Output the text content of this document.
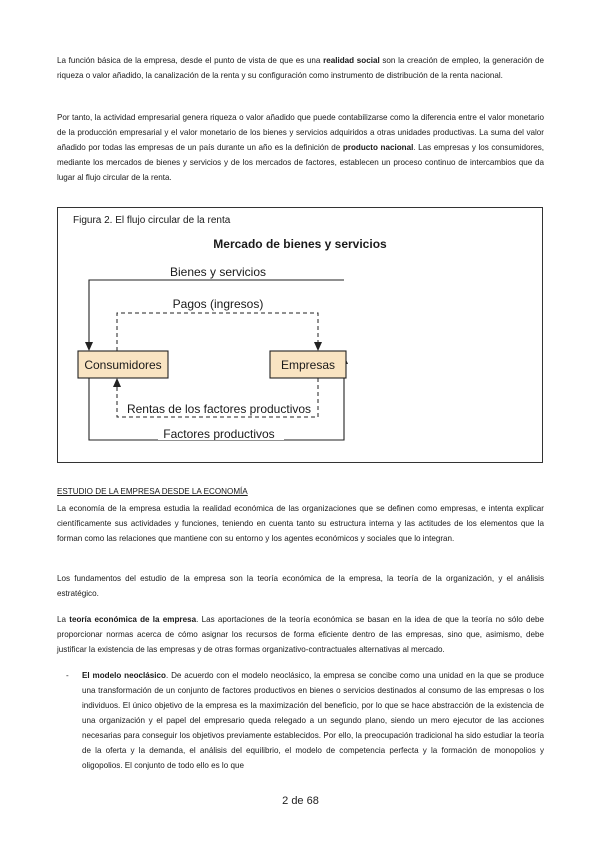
La función básica de la empresa, desde el punto de vista de que es una realidad social son la creación de empleo, la generación de riqueza o valor añadido, la canalización de la renta y su configuración como instrumento de distribución de la renta nacional.

Por tanto, la actividad empresarial genera riqueza o valor añadido que puede contabilizarse como la diferencia entre el valor monetario de la producción empresarial y el valor monetario de los bienes y servicios adquiridos a otras unidades productivas. La suma del valor añadido por todas las empresas de un país durante un año es la definición de producto nacional. Las empresas y los consumidores, mediante los mercados de bienes y servicios y de los mercados de factores, establecen un proceso continuo de intercambios que da lugar al flujo circular de la renta.

Figura 2. El flujo circular de la renta
Mercado de bienes y servicios
Bienes y servicios
Pagos (ingresos)
Consumidores	Empresas
Rentas de los factores productivos
Factores productivos
ESTUDIO DE LA EMPRESA DESDE LA ECONOMÍA

La economía de la empresa estudia la realidad económica de las organizaciones que se definen como empresas, e intenta explicar científicamente sus actividades y funciones, teniendo en cuenta tanto su estructura interna y las actitudes de los elementos que la forman como las relaciones que mantiene con su entorno y los agentes económicos y sociales que lo integran.

Los fundamentos del estudio de la empresa son la teoría económica de la empresa, la teoría de la organización, y el análisis estratégico.

La teoría económica de la empresa. Las aportaciones de la teoría económica se basan en la idea de que la teoría no sólo debe proporcionar normas acerca de cómo asignar los recursos de forma eficiente dentro de las empresas, sino que, asimismo, debe justificar la existencia de las empresas y de otras formas organizativo-contractuales alternativas al mercado.

-	El modelo neoclásico. De acuerdo con el modelo neoclásico, la empresa se concibe como una unidad en la que se produce una transformación de un conjunto de factores productivos en bienes o servicios destinados al consumo de las empresas o los individuos. El único objetivo de la empresa es la maximización del beneficio, por lo que se hace abstracción de la existencia de una organización y el papel del empresario queda relegado a un segundo plano, siendo un mero ejecutor de las acciones necesarias para conseguir los objetivos previamente establecidos. Por ello, la preocupación tradicional ha sido estudiar la teoría de la oferta y la demanda, el análisis del equilibrio, el modelo de competencia perfecta y la formación de monopolios y oligopolios. El conjunto de todo ello es lo que

2 de 68
